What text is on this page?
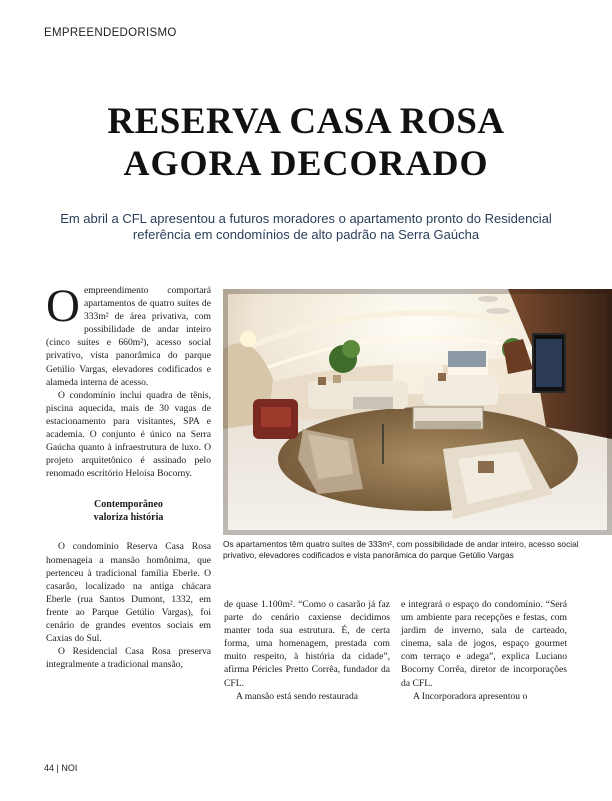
EMPREENDEDORISMO
RESERVA CASA ROSA
AGORA DECORADO

Em abril a CFL apresentou a futuros moradores o apartamento pronto do Residencial referência em condomínios de alto padrão na Serra Gaúcha

Oempreendimento comportará apartamentos de quatro suítes de 333m² de área privativa, com possibilidade de andar inteiro (cinco suítes e 660m²), acesso social privativo, vista panorâmica do parque Getúlio Vargas, elevadores codificados e alameda interna de acesso.

O condomínio inclui quadra de tênis, piscina aquecida, mais de 30 vagas de estacionamento para visitantes, SPA e academia. O conjunto é único na Serra Gaúcha quanto à infraestrutura de luxo. O projeto arquitetônico é assinado pelo renomado escritório Heloísa Bocorny.

Contemporâneo
valoriza história

O condomínio Reserva Casa Rosa homenageia a mansão homônima, que pertenceu à tradicional família Eberle. O casarão, localizado na antiga chácara Eberle (rua Santos Dumont, 1332, em frente ao Parque Getúlio Vargas), foi cenário de grandes eventos sociais em Caxias do Sul.

O Residencial Casa Rosa preserva integralmente a tradicional mansão,

Os apartamentos têm quatro suítes de 333m², com possibilidade de andar inteiro, acesso social privativo, elevadores codificados e vista panorâmica do parque Getúlio Vargas

de quase 1.100m². “Como o casarão já faz parte do cenário caxiense decidimos manter toda sua estrutura. É, de certa forma, uma homenagem, prestada com muito respeito, à história da cidade”, afirma Péricles Pretto Corrêa, fundador da CFL.

A mansão está sendo restaurada

e integrará o espaço do condomínio. “Será um ambiente para recepções e festas, com jardim de inverno, sala de carteado, cinema, sala de jogos, espaço gourmet com terraço e adega”, explica Luciano Bocorny Corrêa, diretor de incorporações da CFL.

A Incorporadora apresentou o

44 | NOI
